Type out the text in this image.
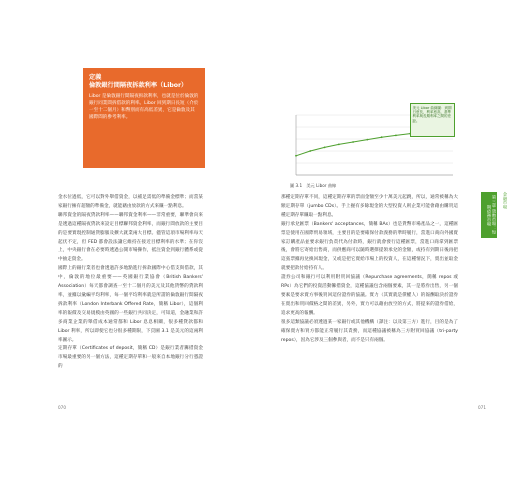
定義
倫敦銀行間隔夜拆款利率（Libor）
Libor 是倫敦銀行間隔夜拆款利率，也就是位於倫敦的銀行同業間拆借款的利率。Libor 回到期日長短（介於一至十二個月）和幣別而有高低差異，它是倫敦及其國際間的參考利率。

金水位過低，它可以對外舉借資金，以補足需低的準備金標準；而當某家銀行擁有超額的準備金，就能藉由放款的方式來賺一點利息。

聯邦資金的隔夜貸款利率——聯邦資金利率——非常重要，聯準會向來是透過這種隔夜貸款來設定目標聯邦資金利率，而銀行間放款的主要目的是要實現控制通貨膨脹及擴大就業兩大目標。儘管這項市場利率每天起伏不定，但 FED 都會設法讓它維持在接近目標利率的水準；在你沒上，中央銀行會在必要時透過公開市場操作，抵注資金到銀行體系或從中抽走資金。

國際上的銀行業者也會透過許多地點進行拆款國際中心借支與借款，其中，倫敦的地位最重要——英國銀行業協會（British Bankers' Association）每天都會調查一至十二個月的美元及其他貨幣的貸款利率，並據以彙編平均利率，每一個平均利率就是所謂的倫敦銀行間隔夜拆款利率（London Interbank Offered Rate，簡稱 Libor），這個利率的報價及交易規模由英國的一些銀行共同決定，可知道，金融業和許多商業企業的舉借成本通常都和 Libor 息息相關，很多種貸款都和 Libor 利率，所以即使它也分很多種期限，下頁圖 3.1 是美元的這兩利率圖示。

定期存單（Certificates of deposit，簡稱 CD）是銀行業者籌措資金市場最重要的另一個方法，這種定期存單和一般來自本地銀行分行憑證的

070
美元 Libor 曲線圖：到期日愈長，利率愈高，基準利率與長期利率之間的差距。
圖 3.1　美元 Libor 曲線

那種定期存單不同，這種定期存單的票面金額至少十萬美元起跳，所以，通常被稱為大額定期存單（jumbo CDs）。手上握有多餘現金的大型投資人則企業可能會藉由購買這種定期存單賺取一點利息。

銀行承兌匯票（Bankers' acceptances，簡稱 BAs）也是貨幣市場產品之一，這種匯票是使用在國際貿易領域，主要目的是要確保付款義務的準時履行，當進口商向外國賣家訂購產品並要求銀行負責代為付款時，銀行就會發行這種匯票，當進口商拿到匯票後，會將它寄給出售商，而供應商可以隨時選擇提領承兌的金額，或持有到期日後再把這張票據再兌換回現金，又或是把它賣給市場上的投資人，在這種情況下，賣出並取金就要把款付給持有人。

證券公司和銀行可以利用附買回協議（Repurchase agreements，簡稱 repos 或 RPs）為它們的投資活動籌措資金，這種協議包含兩個要素，其一是將券出售，另一個要素是要求賣方事後買回這份證券的協議。實力（其實就是債權人）的報酬取決於證券在賣出和買回價格之間的差異，另外，實力可以藉由放空的方式，將提來的證券借給，追求更高的報酬。

很多這類協議必須透過某一家銀行或其他機構（譯注：以及第三方）進行，目的是為了確保賣方和買方都能正常履行其責務，而這種協議被稱為三方附買回協議（tri-party repos），因為它涉及三個參與者，而不是只有兩個。

第三章 貨幣市場：短期債務市場
金融市場
071
